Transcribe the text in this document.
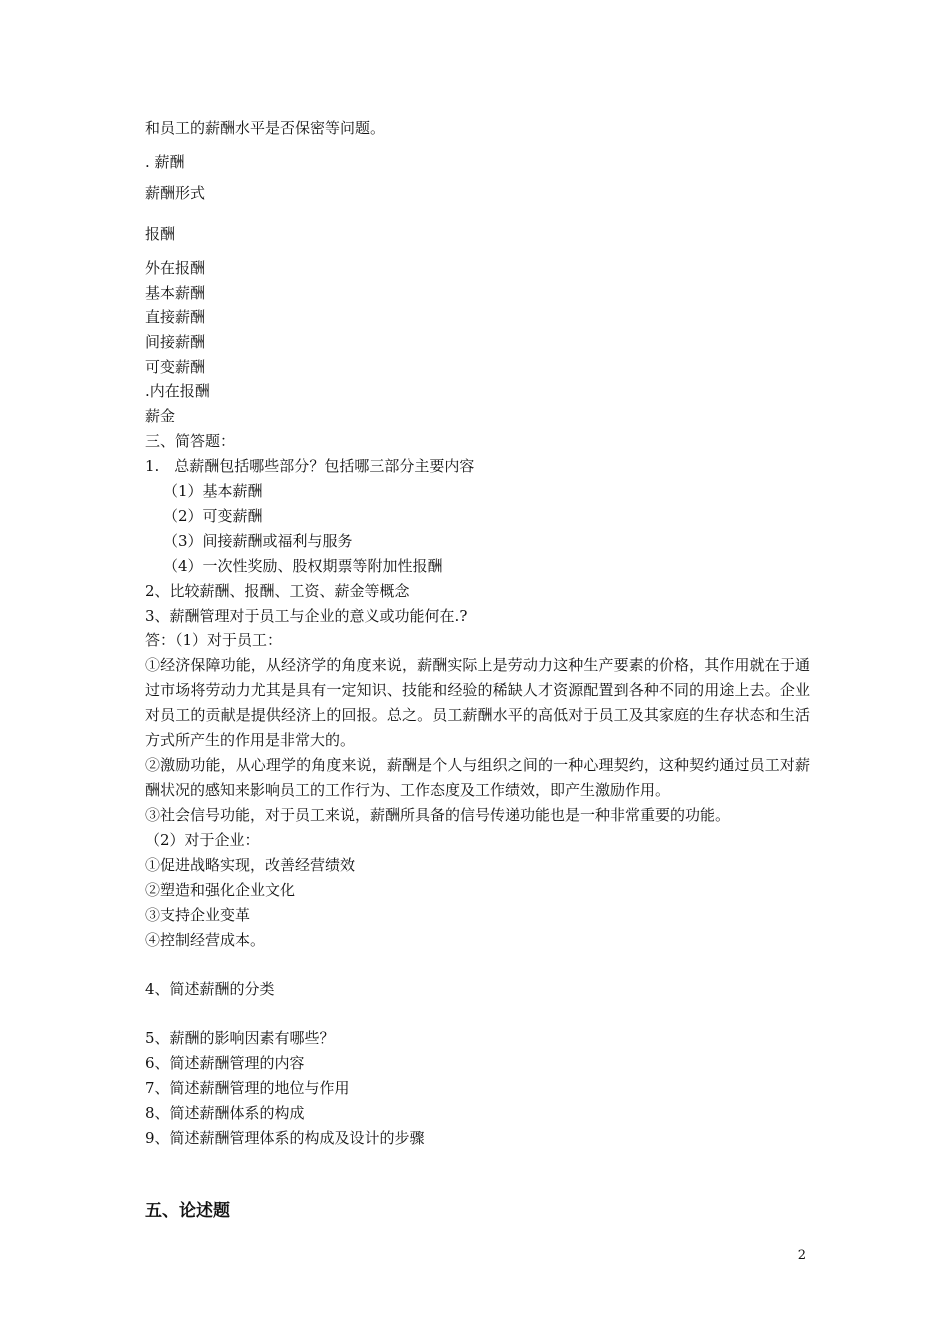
和员工的薪酬水平是否保密等问题。
. 薪酬
薪酬形式
报酬
外在报酬
基本薪酬
直接薪酬
间接薪酬
可变薪酬
.内在报酬
薪金
三、简答题：
1.　总薪酬包括哪些部分？包括哪三部分主要内容
（1）基本薪酬
（2）可变薪酬
（3）间接薪酬或福利与服务
（4）一次性奖励、股权期票等附加性报酬
2、比较薪酬、报酬、工资、薪金等概念
3、薪酬管理对于员工与企业的意义或功能何在.?
答：（1）对于员工：
①经济保障功能，从经济学的角度来说，薪酬实际上是劳动力这种生产要素的价格，其作用就在于通过市场将劳动力尤其是具有一定知识、技能和经验的稀缺人才资源配置到各种不同的用途上去。企业对员工的贡献是提供经济上的回报。总之。员工薪酬水平的高低对于员工及其家庭的生存状态和生活方式所产生的作用是非常大的。
②激励功能，从心理学的角度来说，薪酬是个人与组织之间的一种心理契约，这种契约通过员工对薪酬状况的感知来影响员工的工作行为、工作态度及工作绩效，即产生激励作用。
③社会信号功能，对于员工来说，薪酬所具备的信号传递功能也是一种非常重要的功能。
（2）对于企业：
①促进战略实现，改善经营绩效
②塑造和强化企业文化
③支持企业变革
④控制经营成本。
4、简述薪酬的分类
5、薪酬的影响因素有哪些？
6、简述薪酬管理的内容
7、简述薪酬管理的地位与作用
8、简述薪酬体系的构成
9、简述薪酬管理体系的构成及设计的步骤
五、论述题
2
